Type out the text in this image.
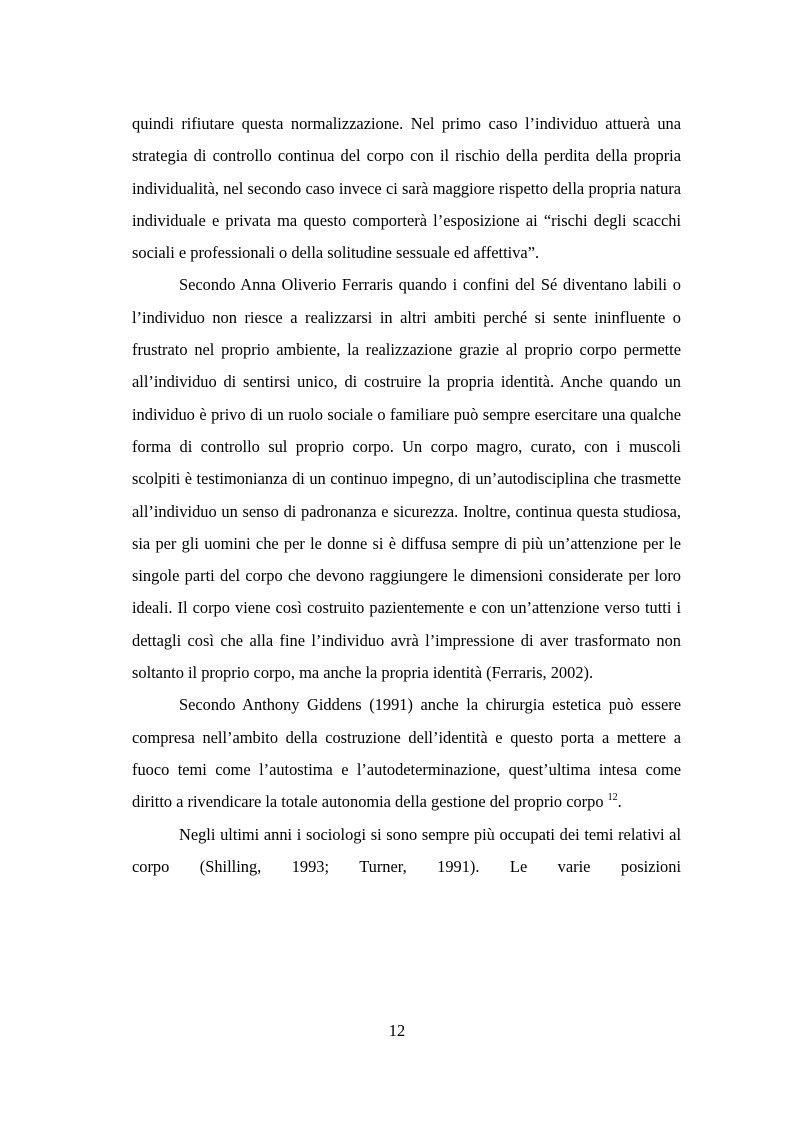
quindi rifiutare questa normalizzazione. Nel primo caso l’individuo attuerà una strategia di controllo continua del corpo con il rischio della perdita della propria individualità, nel secondo caso invece ci sarà maggiore rispetto della propria natura individuale e privata ma questo comporterà l’esposizione ai “rischi degli scacchi sociali e professionali o della solitudine sessuale ed affettiva”.

Secondo Anna Oliverio Ferraris quando i confini del Sé diventano labili o l’individuo non riesce a realizzarsi in altri ambiti perché si sente ininfluente o frustrato nel proprio ambiente, la realizzazione grazie al proprio corpo permette all’individuo di sentirsi unico, di costruire la propria identità. Anche quando un individuo è privo di un ruolo sociale o familiare può sempre esercitare una qualche forma di controllo sul proprio corpo. Un corpo magro, curato, con i muscoli scolpiti è testimonianza di un continuo impegno, di un’autodisciplina che trasmette all’individuo un senso di padronanza e sicurezza. Inoltre, continua questa studiosa, sia per gli uomini che per le donne si è diffusa sempre di più un’attenzione per le singole parti del corpo che devono raggiungere le dimensioni considerate per loro ideali. Il corpo viene così costruito pazientemente e con un’attenzione verso tutti i dettagli così che alla fine l’individuo avrà l’impressione di aver trasformato non soltanto il proprio corpo, ma anche la propria identità (Ferraris, 2002).

Secondo Anthony Giddens (1991) anche la chirurgia estetica può essere compresa nell’ambito della costruzione dell’identità e questo porta a mettere a fuoco temi come l’autostima e l’autodeterminazione, quest’ultima intesa come diritto a rivendicare la totale autonomia della gestione del proprio corpo $^{12}$.

Negli ultimi anni i sociologi si sono sempre più occupati dei temi relativi al corpo (Shilling, 1993; Turner, 1991). Le varie posizioni

12
